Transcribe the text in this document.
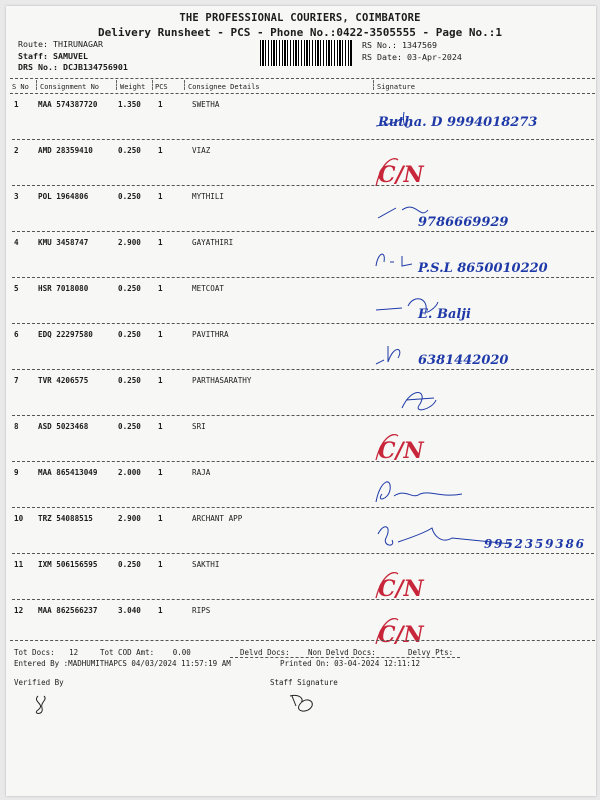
THE PROFESSIONAL COURIERS, COIMBATORE
Delivery Runsheet - PCS - Phone No.:0422-3505555 - Page No.:1
Route: THIRUNAGAR
Staff: SAMUVEL
DRS No.: DCJB134756901
RS No.: 1347569
RS Date: 03-Apr-2024
S No Consignment No	Weight PCS	Consignee Details	Signature
1	MAA 574387720	1.350 1	SWETHA
Rutha. D 9994018273
2	AMD 28359410	0.250 1	VIAZ
C/N
3	POL 1964806	0.250 1	MYTHILI
9786669929
4	KMU 3458747	2.900 1	GAYATHIRI
P.S.L 8650010220
5	HSR 7018080	0.250 1	METCOAT
E. Balji
6	EDQ 22297580	0.250 1	PAVITHRA
6381442020
7	TVR 4206575	0.250 1	PARTHASARATHY
8	ASD 5023468	0.250 1	SRI
C/N
9	MAA 865413049	2.000 1	RAJA
10 TRZ 54088515	2.900 1	ARCHANT APP
9952359386
11 IXM 506156595	0.250 1	SAKTHI
C/N
12 MAA 862566237	3.040 1	RIPS
C/N
Tot Docs: 12	Tot COD Amt: 0.00	Delvd Docs: Non Delvd Docs:	Delvy Pts:
Entered By :MADHUMITHAPCS 04/03/2024 11:57:19 AM	Printed On: 03-04-2024 12:11:12
Verified By	Staff Signature
